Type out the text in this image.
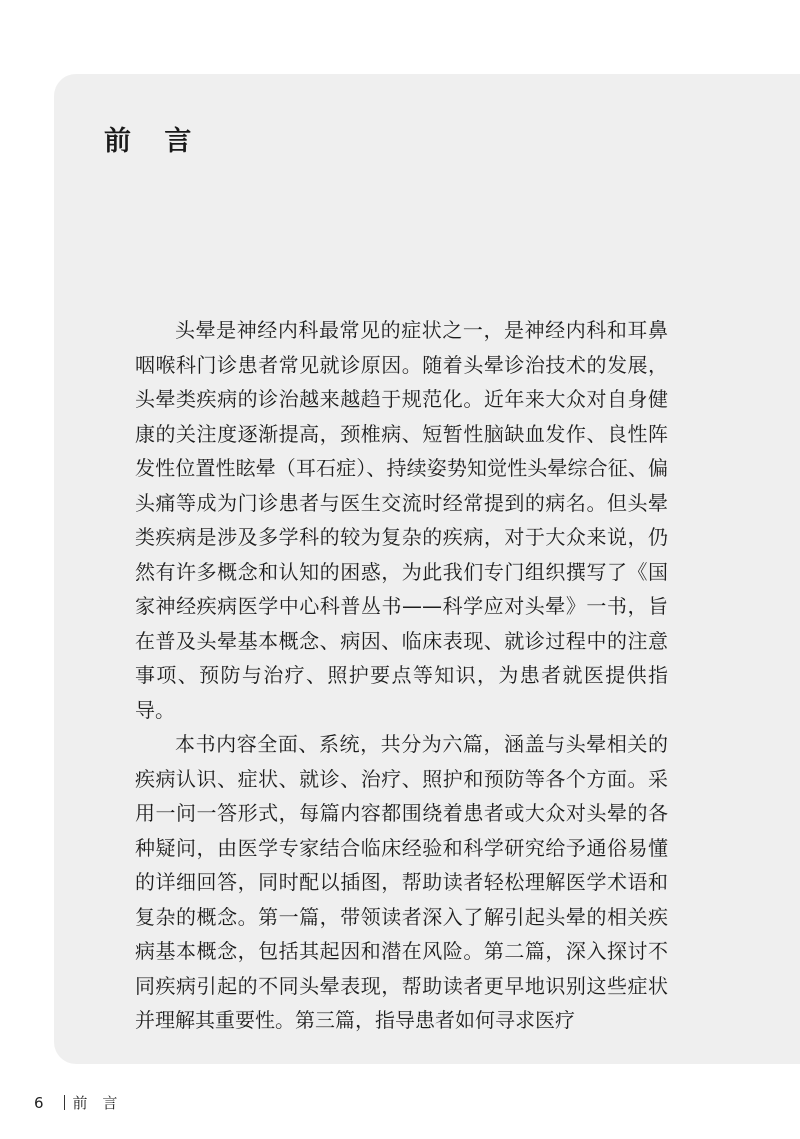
前 言

头晕是神经内科最常见的症状之一，是神经内科和耳鼻咽喉科门诊患者常见就诊原因。随着头晕诊治技术的发展，头晕类疾病的诊治越来越趋于规范化。近年来大众对自身健康的关注度逐渐提高，颈椎病、短暂性脑缺血发作、良性阵发性位置性眩晕（耳石症）、持续姿势知觉性头晕综合征、偏头痛等成为门诊患者与医生交流时经常提到的病名。但头晕类疾病是涉及多学科的较为复杂的疾病，对于大众来说，仍然有许多概念和认知的困惑，为此我们专门组织撰写了《国家神经疾病医学中心科普丛书——科学应对头晕》一书，旨在普及头晕基本概念、病因、临床表现、就诊过程中的注意事项、预防与治疗、照护要点等知识，为患者就医提供指导。

本书内容全面、系统，共分为六篇，涵盖与头晕相关的疾病认识、症状、就诊、治疗、照护和预防等各个方面。采用一问一答形式，每篇内容都围绕着患者或大众对头晕的各种疑问，由医学专家结合临床经验和科学研究给予通俗易懂的详细回答，同时配以插图，帮助读者轻松理解医学术语和复杂的概念。第一篇，带领读者深入了解引起头晕的相关疾病基本概念，包括其起因和潜在风险。第二篇，深入探讨不同疾病引起的不同头晕表现，帮助读者更早地识别这些症状并理解其重要性。第三篇，指导患者如何寻求医疗

6 前 言
